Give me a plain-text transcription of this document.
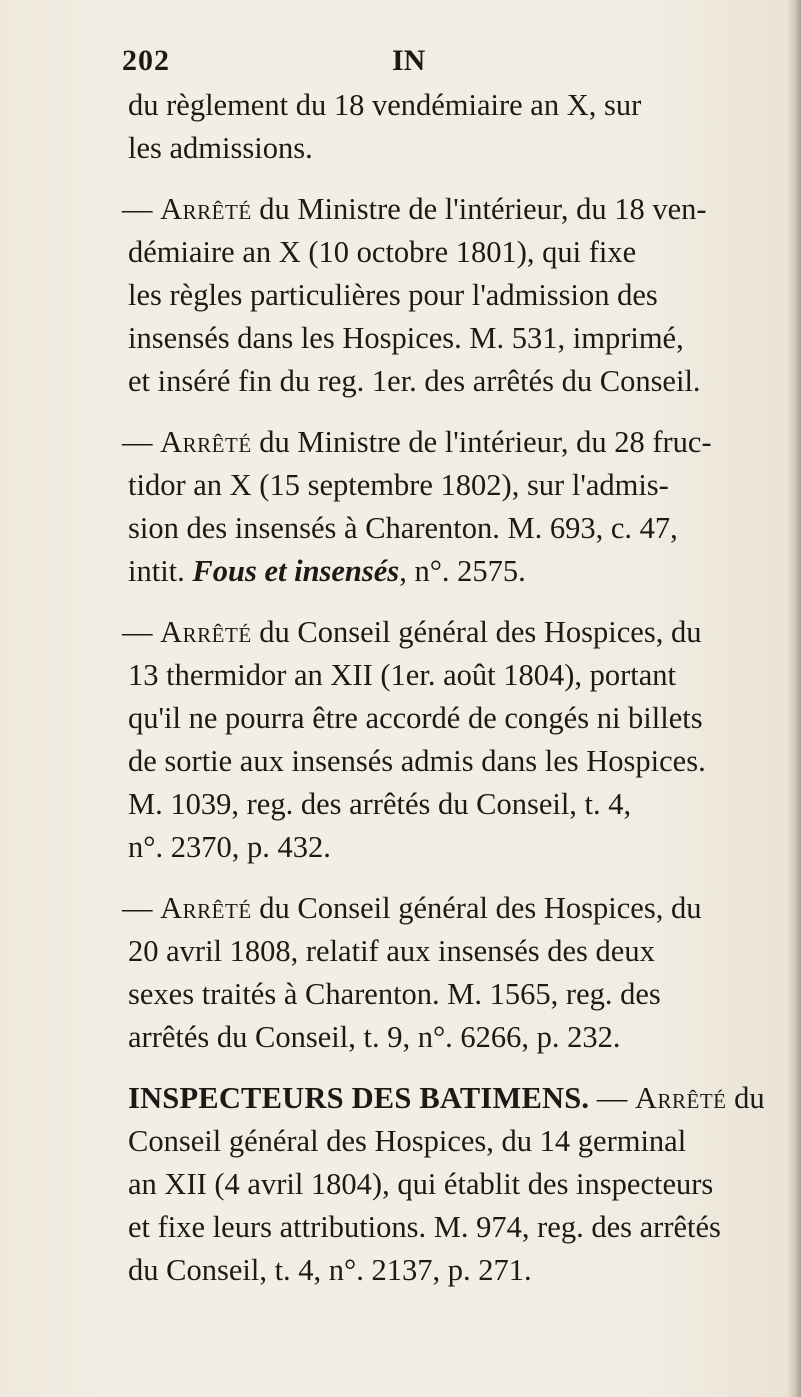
202	IN
du règlement du 18 vendémiaire an X, sur
les admissions.
— Arrêté du Ministre de l'intérieur, du 18 ven-
démiaire an X (10 octobre 1801), qui fixe
les règles particulières pour l'admission des
insensés dans les Hospices. M. 531, imprimé,
et inséré fin du reg. 1er. des arrêtés du Conseil.
— Arrêté du Ministre de l'intérieur, du 28 fruc-
tidor an X (15 septembre 1802), sur l'admis-
sion des insensés à Charenton. M. 693, c. 47,
intit. Fous et insensés, n°. 2575.
— Arrêté du Conseil général des Hospices, du
13 thermidor an XII (1er. août 1804), portant
qu'il ne pourra être accordé de congés ni billets
de sortie aux insensés admis dans les Hospices.
M. 1039, reg. des arrêtés du Conseil, t. 4,
n°. 2370, p. 432.
— Arrêté du Conseil général des Hospices, du
20 avril 1808, relatif aux insensés des deux
sexes traités à Charenton. M. 1565, reg. des
arrêtés du Conseil, t. 9, n°. 6266, p. 232.
INSPECTEURS DES BATIMENS. — Arrêté du
Conseil général des Hospices, du 14 germinal
an XII (4 avril 1804), qui établit des inspecteurs
et fixe leurs attributions. M. 974, reg. des arrêtés
du Conseil, t. 4, n°. 2137, p. 271.
